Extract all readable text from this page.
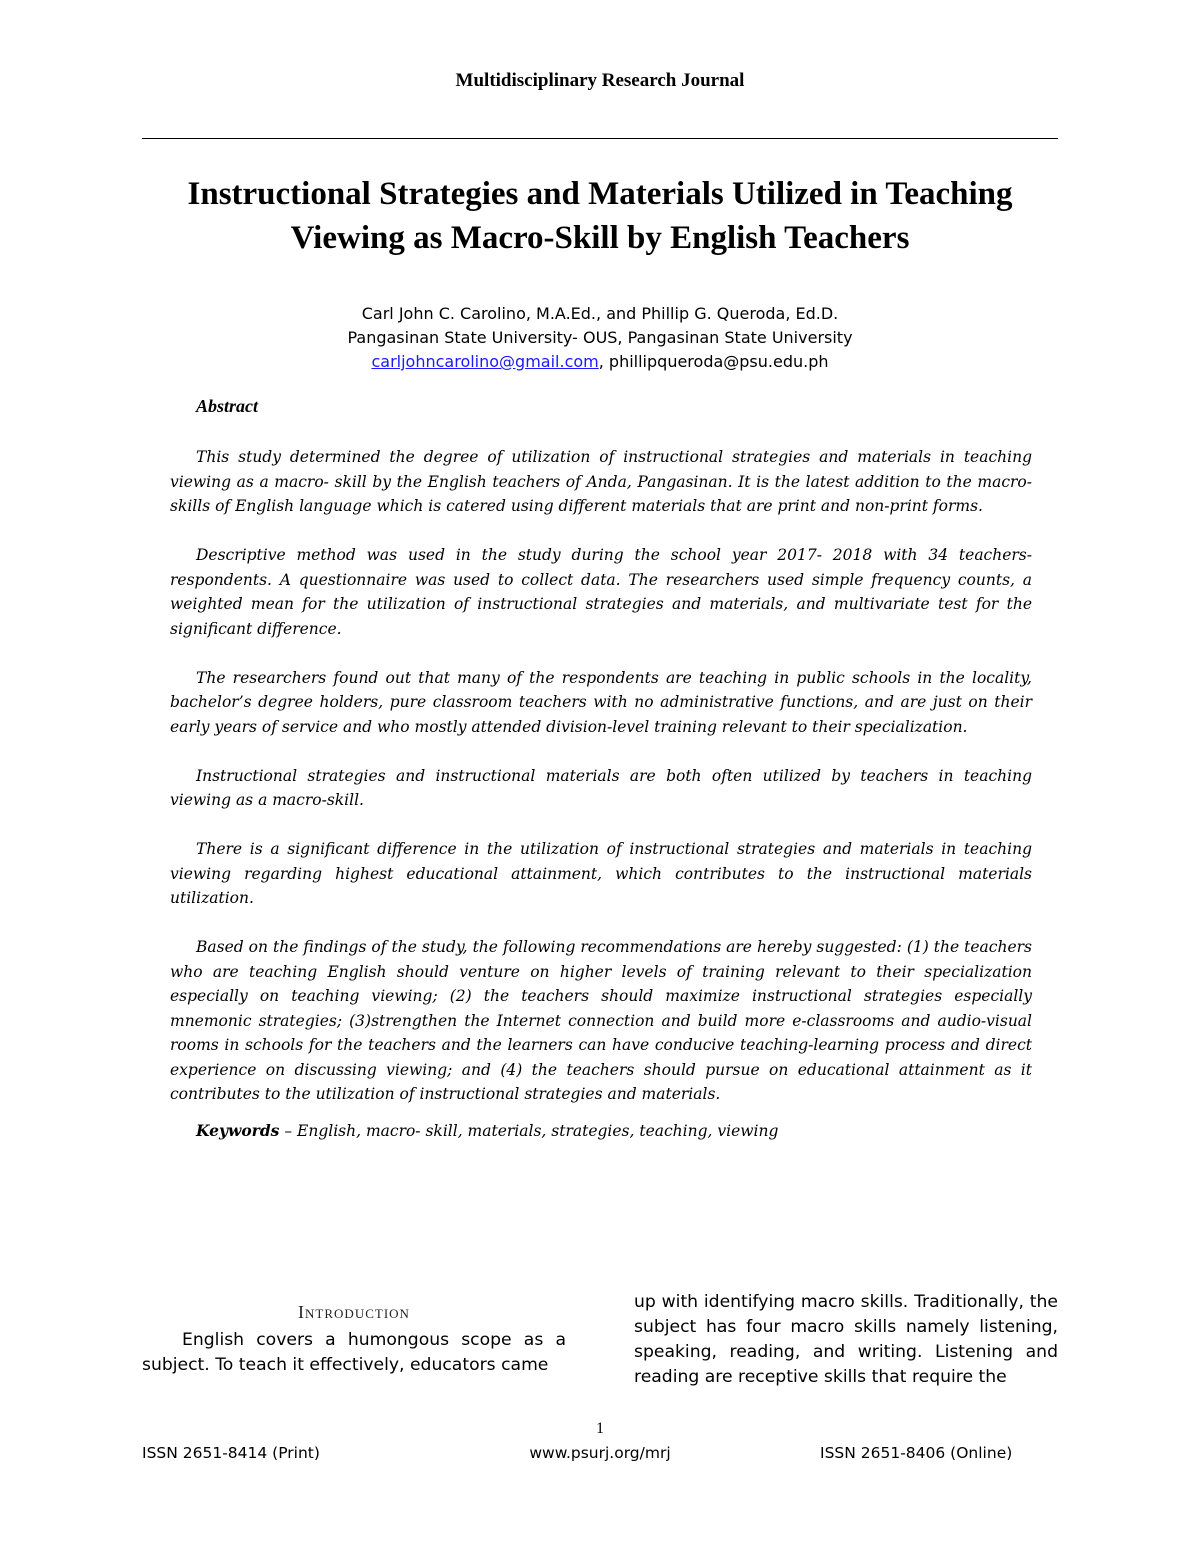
Multidisciplinary Research Journal
Instructional Strategies and Materials Utilized in Teaching
Viewing as Macro-Skill by English Teachers
Carl John C. Carolino, M.A.Ed., and Phillip G. Queroda, Ed.D.
Pangasinan State University- OUS, Pangasinan State University
carljohncarolino@gmail.com, phillipqueroda@psu.edu.ph
Abstract

This study determined the degree of utilization of instructional strategies and materials in teaching viewing as a macro- skill by the English teachers of Anda, Pangasinan. It is the latest addition to the macro-skills of English language which is catered using different materials that are print and non-print forms.

Descriptive method was used in the study during the school year 2017- 2018 with 34 teachers-respondents. A questionnaire was used to collect data. The researchers used simple frequency counts, a weighted mean for the utilization of instructional strategies and materials, and multivariate test for the significant difference.

The researchers found out that many of the respondents are teaching in public schools in the locality, bachelor’s degree holders, pure classroom teachers with no administrative functions, and are just on their early years of service and who mostly attended division-level training relevant to their specialization.

Instructional strategies and instructional materials are both often utilized by teachers in teaching viewing as a macro-skill.

There is a significant difference in the utilization of instructional strategies and materials in teaching viewing regarding highest educational attainment, which contributes to the instructional materials utilization.

Based on the findings of the study, the following recommendations are hereby suggested: (1) the teachers who are teaching English should venture on higher levels of training relevant to their specialization especially on teaching viewing; (2) the teachers should maximize instructional strategies especially mnemonic strategies; (3)strengthen the Internet connection and build more e-classrooms and audio-visual rooms in schools for the teachers and the learners can have conducive teaching-learning process and direct experience on discussing viewing; and (4) the teachers should pursue on educational attainment as it contributes to the utilization of instructional strategies and materials.

Keywords – English, macro- skill, materials, strategies, teaching, viewing
Introduction
English covers a humongous scope as a subject. To teach it effectively, educators came
up with identifying macro skills. Traditionally, the subject has four macro skills namely listening, speaking, reading, and writing. Listening and reading are receptive skills that require the
1
ISSN 2651-8414 (Print)	www.psurj.org/mrj	ISSN 2651-8406 (Online)
